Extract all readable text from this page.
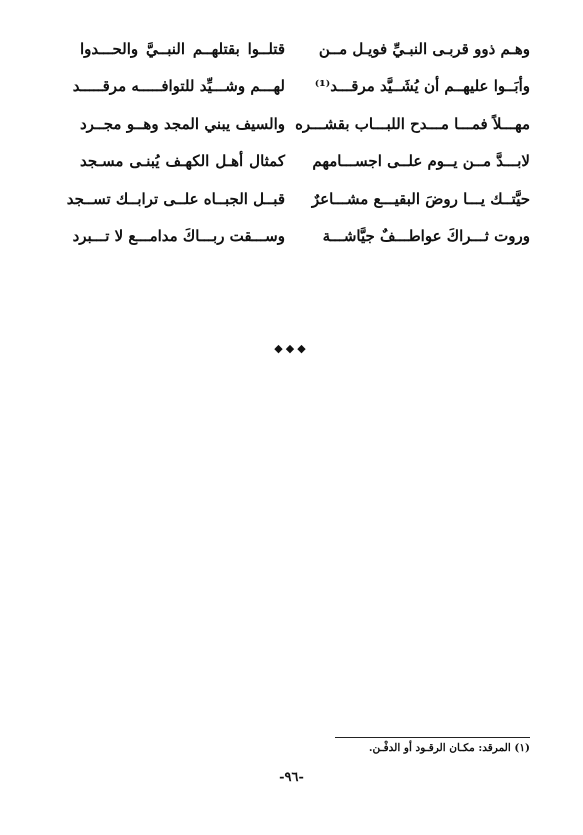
وهـم ذوو قربـى النبـيِّ فويـل مــن
قتلــوا بقتلهــم النبــيَّ والحـــدوا
وأبَــوا عليهــم أن يُشَــيَّد مرقـــد⁽¹⁾
لهـــم وشـــيِّد للتوافـــــه مرقـــــد
مهـــلاً فمـــا مـــدح اللبـــاب بقشـــره
والسيف يبني المجد وهــو مجــرد
لابـــدَّ مــن يــوم علــى اجســـامهم
كمثال أهـل الكهـف يُبنـى مسـجد
حيَّتــك يـــا روضَ البقيـــع مشـــاعرٌ
قبــل الجبــاه علــى ترابــك تســجد
وروت ثـــراكَ عواطـــفٌ جيَّاشـــة
وســـقت ربـــاكَ مدامـــع لا تـــبرد
◆◆◆
(١) المرقد: مكـان الرقـود أو الدفْـن.
-٩٦-
